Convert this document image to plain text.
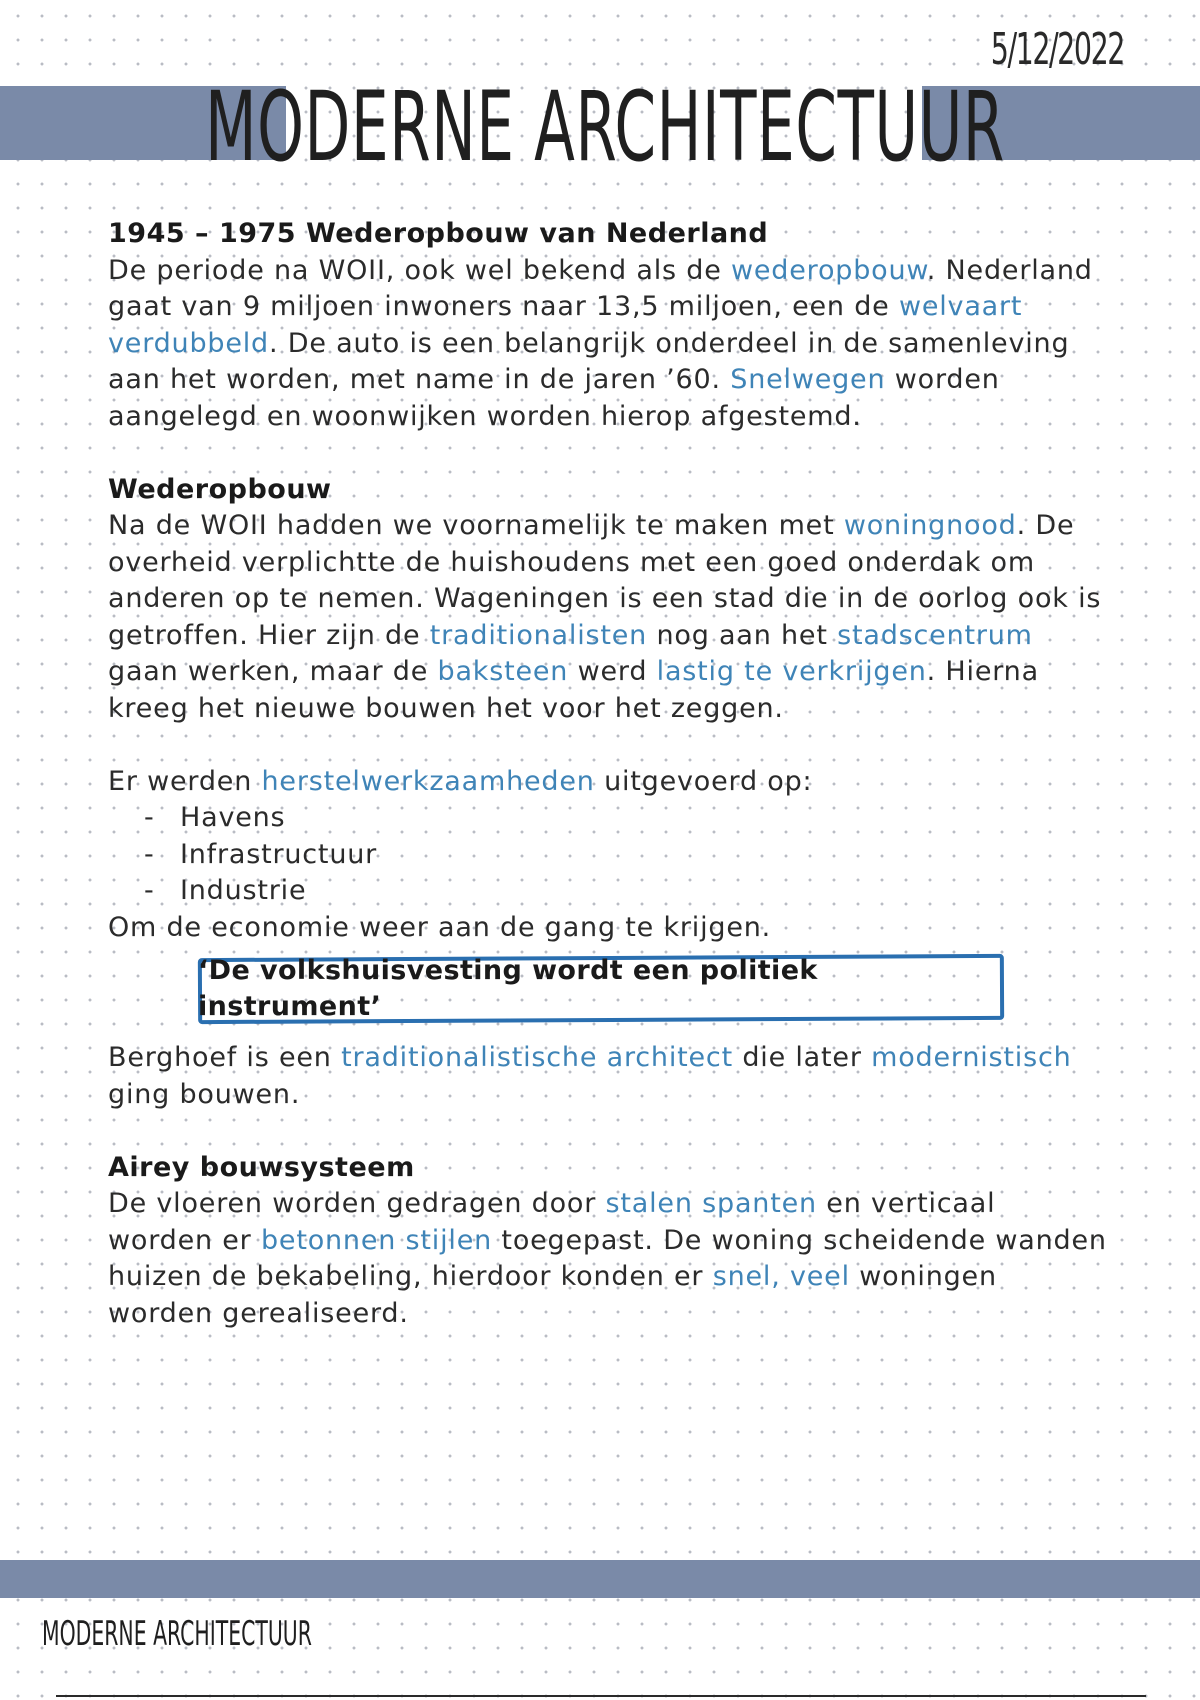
5/12/2022
MODERNE ARCHITECTUUR

1945 – 1975 Wederopbouw van Nederland

De periode na WOII, ook wel bekend als de wederopbouw. Nederland gaat van 9 miljoen inwoners naar 13,5 miljoen, een de welvaart verdubbeld. De auto is een belangrijk onderdeel in de samenleving aan het worden, met name in de jaren ’60. Snelwegen worden aangelegd en woonwijken worden hierop afgestemd.

Wederopbouw

Na de WOII hadden we voornamelijk te maken met woningnood. De overheid verplichtte de huishoudens met een goed onderdak om anderen op te nemen. Wageningen is een stad die in de oorlog ook is getroffen. Hier zijn de traditionalisten nog aan het stadscentrum gaan werken, maar de baksteen werd lastig te verkrijgen. Hierna kreeg het nieuwe bouwen het voor het zeggen.

Er werden herstelwerkzaamheden uitgevoerd op:

- Havens
- Infrastructuur
- Industrie

Om de economie weer aan de gang te krijgen.

‘De volkshuisvesting wordt een politiek instrument’

Berghoef is een traditionalistische architect die later modernistisch ging bouwen.

Airey bouwsysteem

De vloeren worden gedragen door stalen spanten en verticaal worden er betonnen stijlen toegepast. De woning scheidende wanden huizen de bekabeling, hierdoor konden er snel, veel woningen worden gerealiseerd.

MODERNE ARCHITECTUUR
